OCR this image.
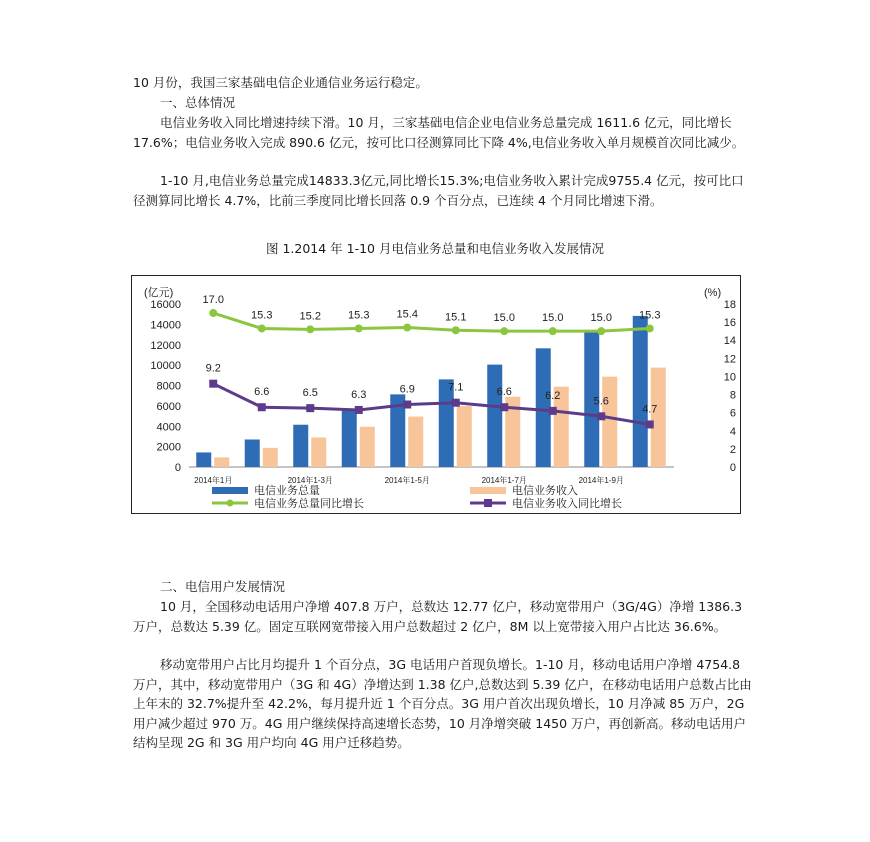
10 月份，我国三家基础电信企业通信业务运行稳定。

一、总体情况

电信业务收入同比增速持续下滑。10 月，三家基础电信企业电信业务总量完成 1611.6 亿元，同比增长 17.6%；电信业务收入完成 890.6 亿元，按可比口径测算同比下降 4%,电信业务收入单月规模首次同比减少。

1-10 月,电信业务总量完成14833.3亿元,同比增长15.3%;电信业务收入累计完成9755.4 亿元，按可比口径测算同比增长 4.7%，比前三季度同比增长回落 0.9 个百分点，已连续 4 个月同比增速下滑。

图 1.2014 年 1-10 月电信业务总量和电信业务收入发展情况
(亿元)	(%)
0
2000
4000
6000
8000
10000
12000
14000
16000
0
2
4
6
8
10
12
14
16
18
2014年1月	2014年1-3月	2014年1-5月	2014年1-7月	2014年1-9月
17.0
15.3 15.2 15.3 15.4 15.1 15.0 15.0 15.0 15.3
9.2
6.6	6.5	6.3	6.9	7.1	6.6	6.2	5.6
4.7
电信业务总量	电信业务收入
电信业务总量同比增长	电信业务收入同比增长
二、电信用户发展情况

10 月，全国移动电话用户净增 407.8 万户，总数达 12.77 亿户，移动宽带用户（3G/4G）净增 1386.3 万户，总数达 5.39 亿。固定互联网宽带接入用户总数超过 2 亿户，8M 以上宽带接入用户占比达 36.6%。

移动宽带用户占比月均提升 1 个百分点，3G 电话用户首现负增长。1-10 月，移动电话用户净增 4754.8 万户，其中，移动宽带用户（3G 和 4G）净增达到 1.38 亿户,总数达到 5.39 亿户，在移动电话用户总数占比由上年末的 32.7%提升至 42.2%，每月提升近 1 个百分点。3G 用户首次出现负增长，10 月净减 85 万户，2G 用户减少超过 970 万。4G 用户继续保持高速增长态势，10 月净增突破 1450 万户，再创新高。移动电话用户结构呈现 2G 和 3G 用户均向 4G 用户迁移趋势。
